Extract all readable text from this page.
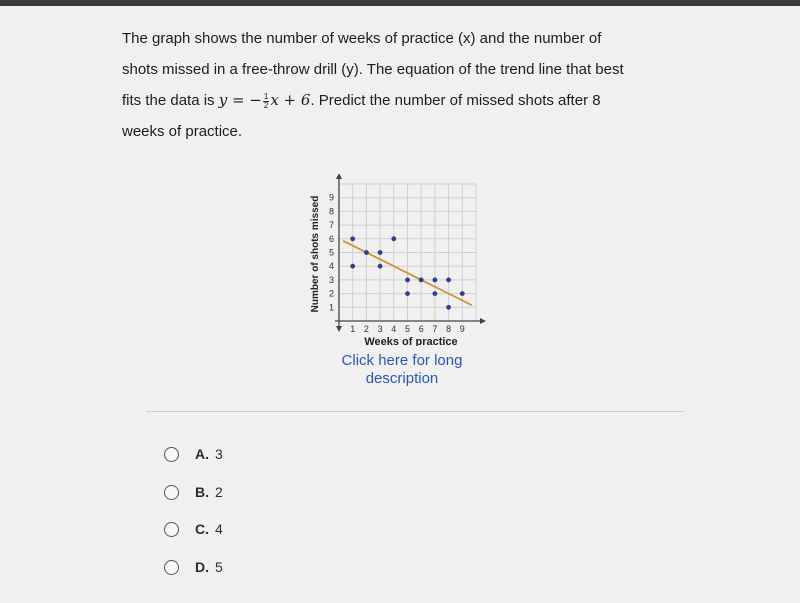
The graph shows the number of weeks of practice (x) and the number of

shots missed in a free-throw drill (y). The equation of the trend line that best

fits the data is y = − $\frac{1}{2}$ x + 6. Predict the number of missed shots after 8

weeks of practice.

1 2 3 4 5 6 7 8 9
1
2
3
4
5
6
7
8
9
Weeks of practice
Number of shots missed
Click here for long
description
A. 3
B. 2
C. 4
D. 5
